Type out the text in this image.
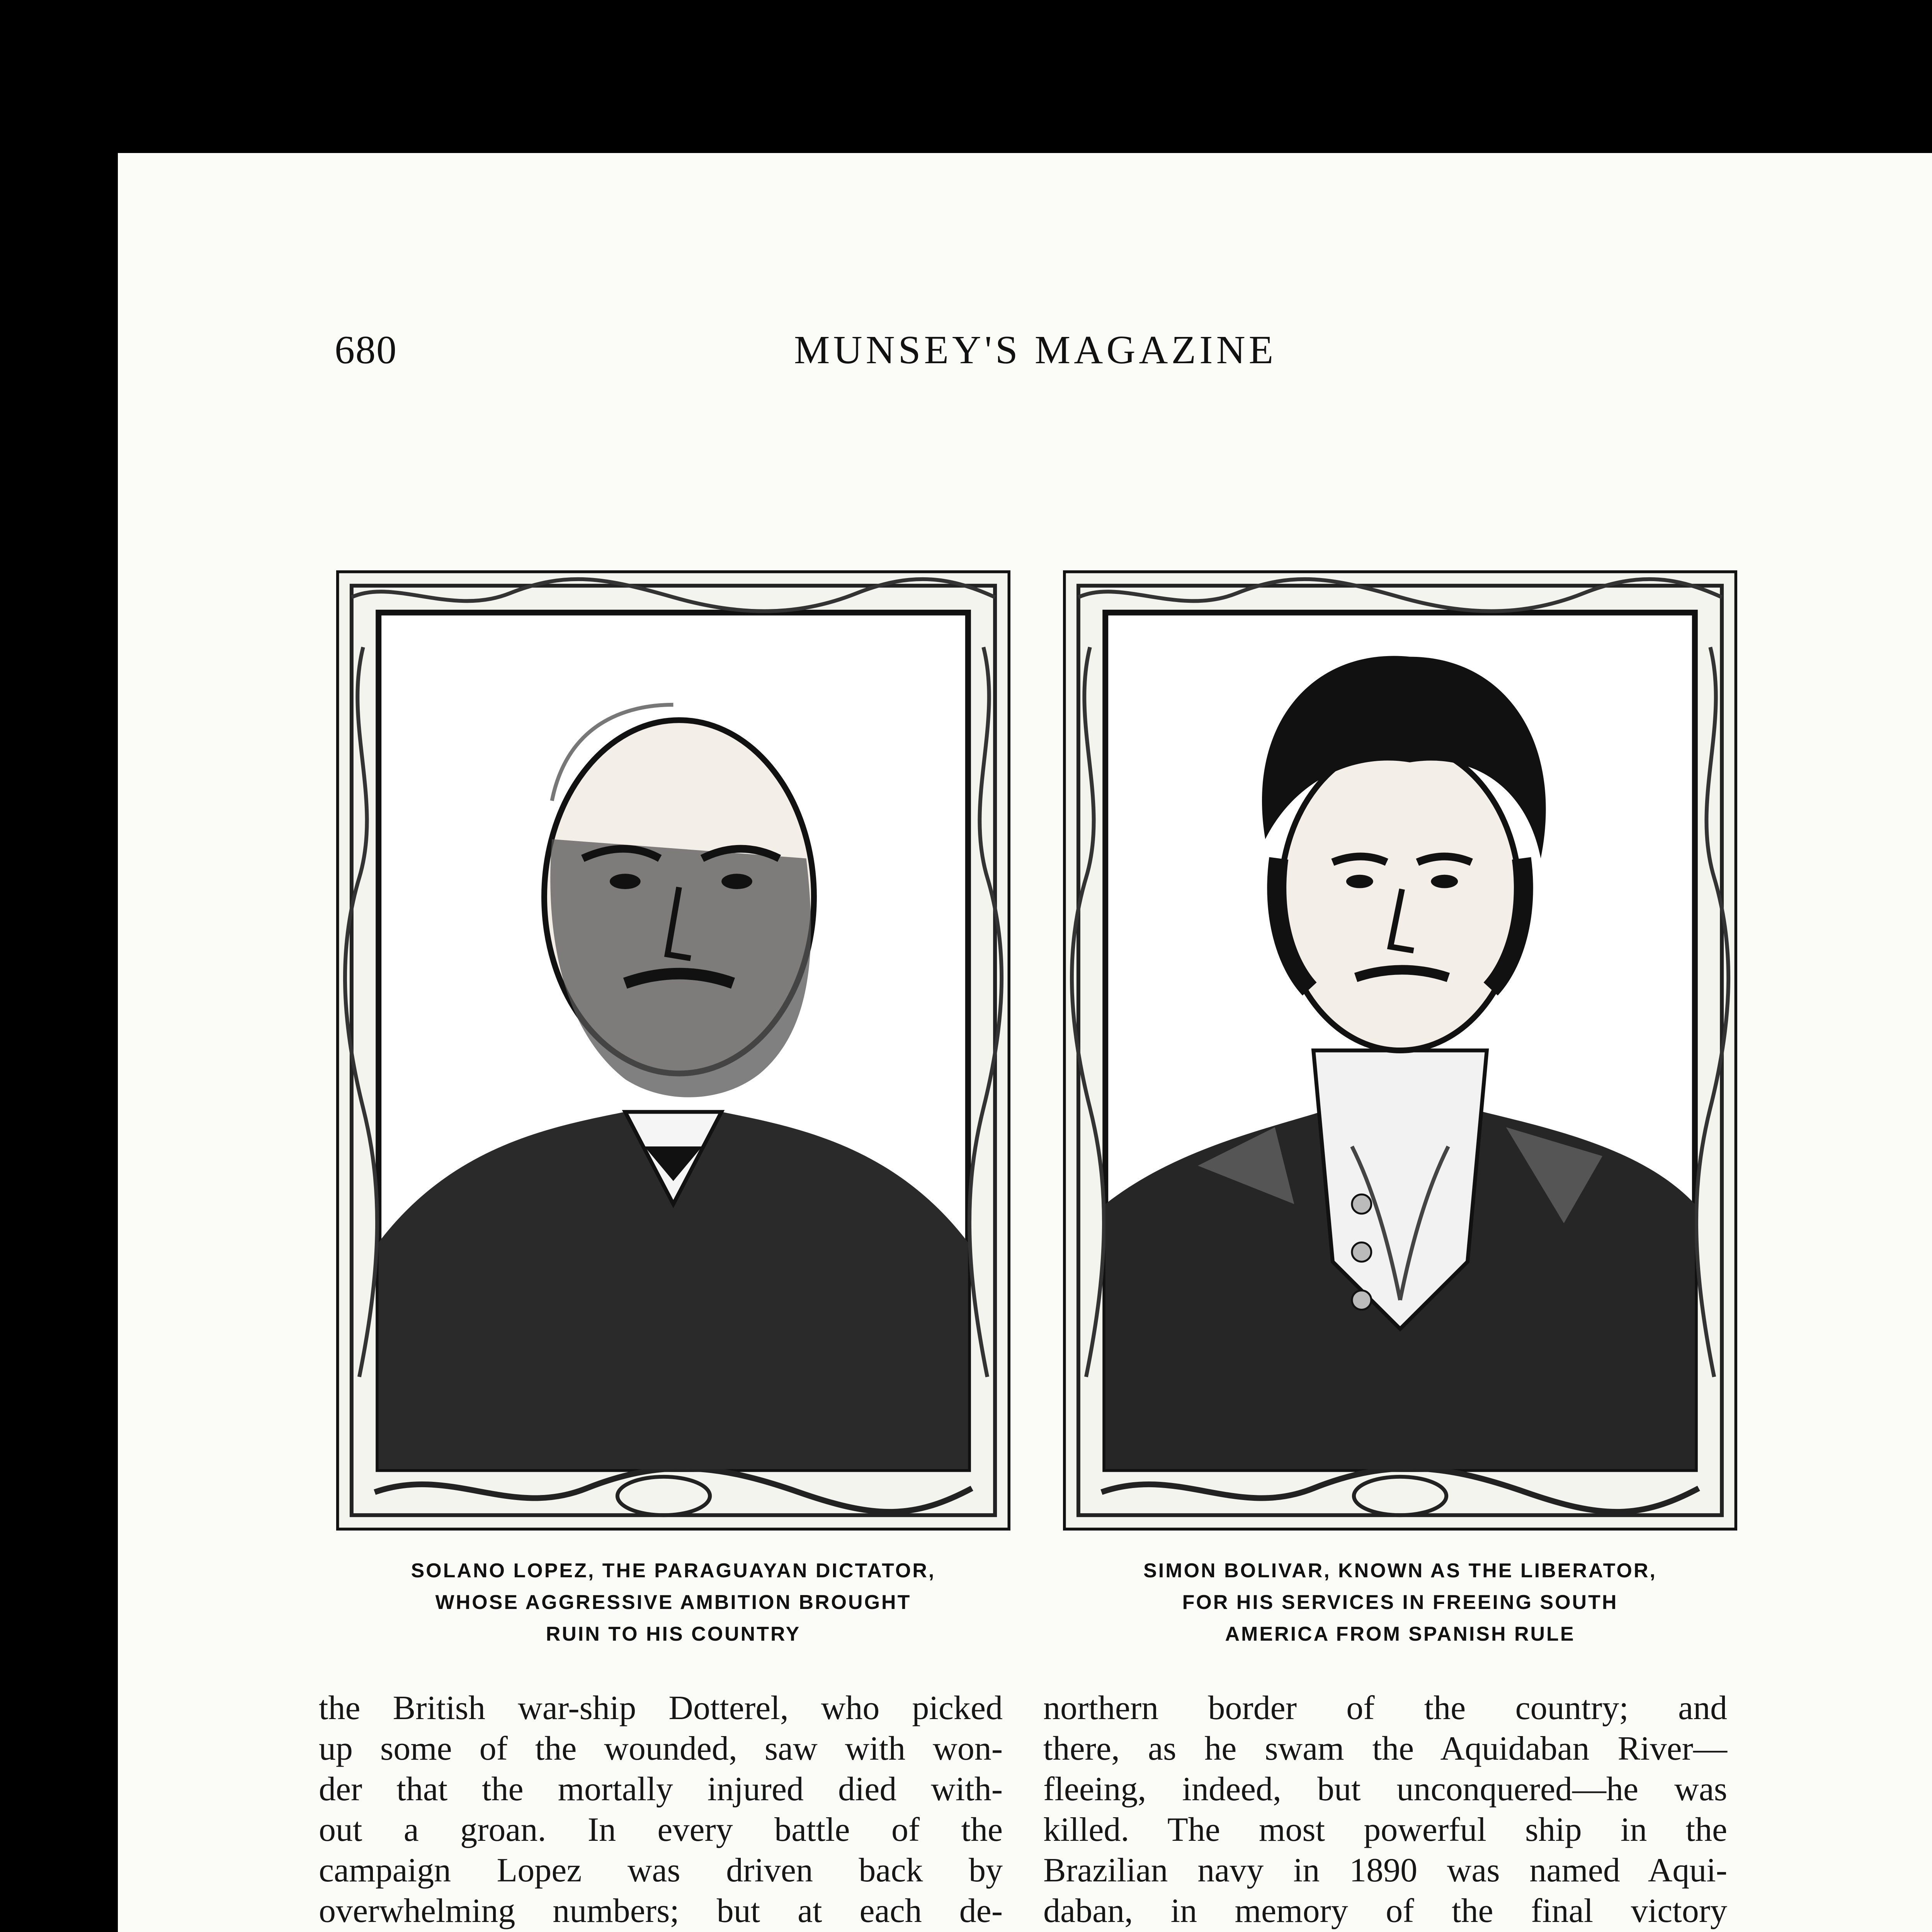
680	MUNSEY'S MAGAZINE
SOLANO LOPEZ, THE PARAGUAYAN DICTATOR,
WHOSE AGGRESSIVE AMBITION BROUGHT
RUIN TO HIS COUNTRY
SIMON BOLIVAR, KNOWN AS THE LIBERATOR,
FOR HIS SERVICES IN FREEING SOUTH
AMERICA FROM SPANISH RULE
the British war-ship Dotterel, who picked
up some of the wounded, saw with won-
der that the mortally injured died with-
out a groan. In every battle of the
campaign Lopez was driven back by
overwhelming numbers; but at each de-
northern border of the country; and
there, as he swam the Aquidaban River—
fleeing, indeed, but unconquered—he was
killed. The most powerful ship in the
Brazilian navy in 1890 was named Aqui-
daban, in memory of the final victory
